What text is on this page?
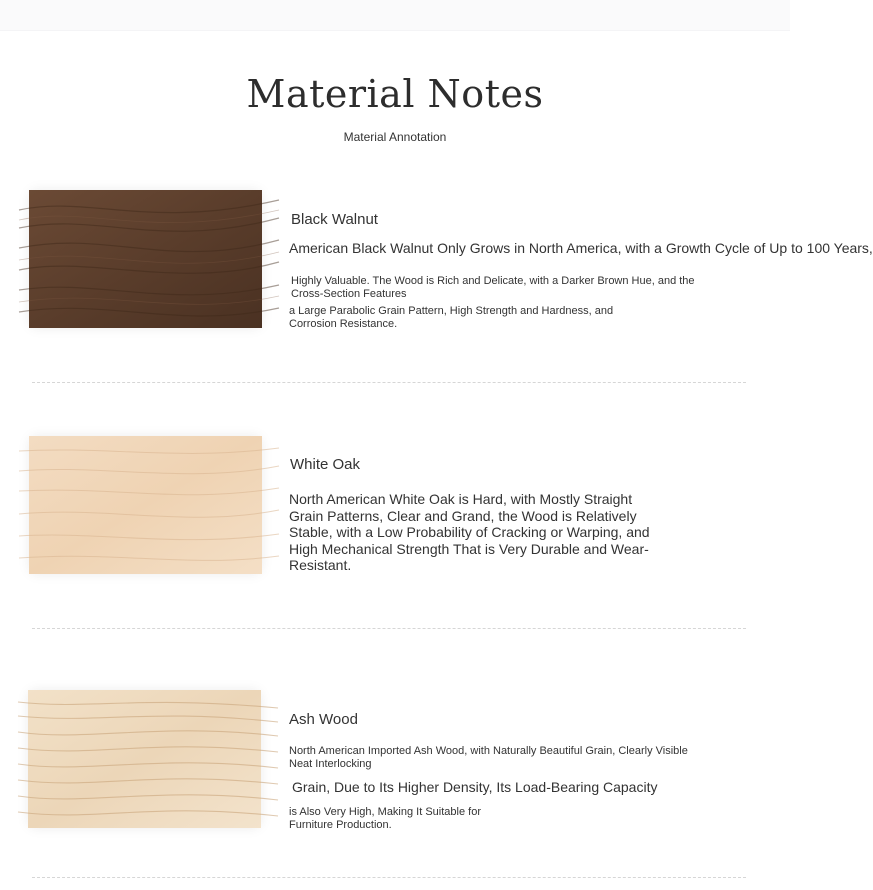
Material Notes
Material Annotation
Black Walnut
American Black Walnut Only Grows in North America, with a Growth Cycle of Up to 100 Years,
Highly Valuable. The Wood is Rich and Delicate, with a Darker Brown Hue, and the Cross-Section Features
a Large Parabolic Grain Pattern, High Strength and Hardness, and Corrosion Resistance.
White Oak
North American White Oak is Hard, with Mostly Straight Grain Patterns, Clear and Grand, the Wood is Relatively Stable, with a Low Probability of Cracking or Warping, and High Mechanical Strength That is Very Durable and Wear-Resistant.
Ash Wood
North American Imported Ash Wood, with Naturally Beautiful Grain, Clearly Visible Neat Interlocking
Grain, Due to Its Higher Density, Its Load-Bearing Capacity
is Also Very High, Making It Suitable for Furniture Production.
